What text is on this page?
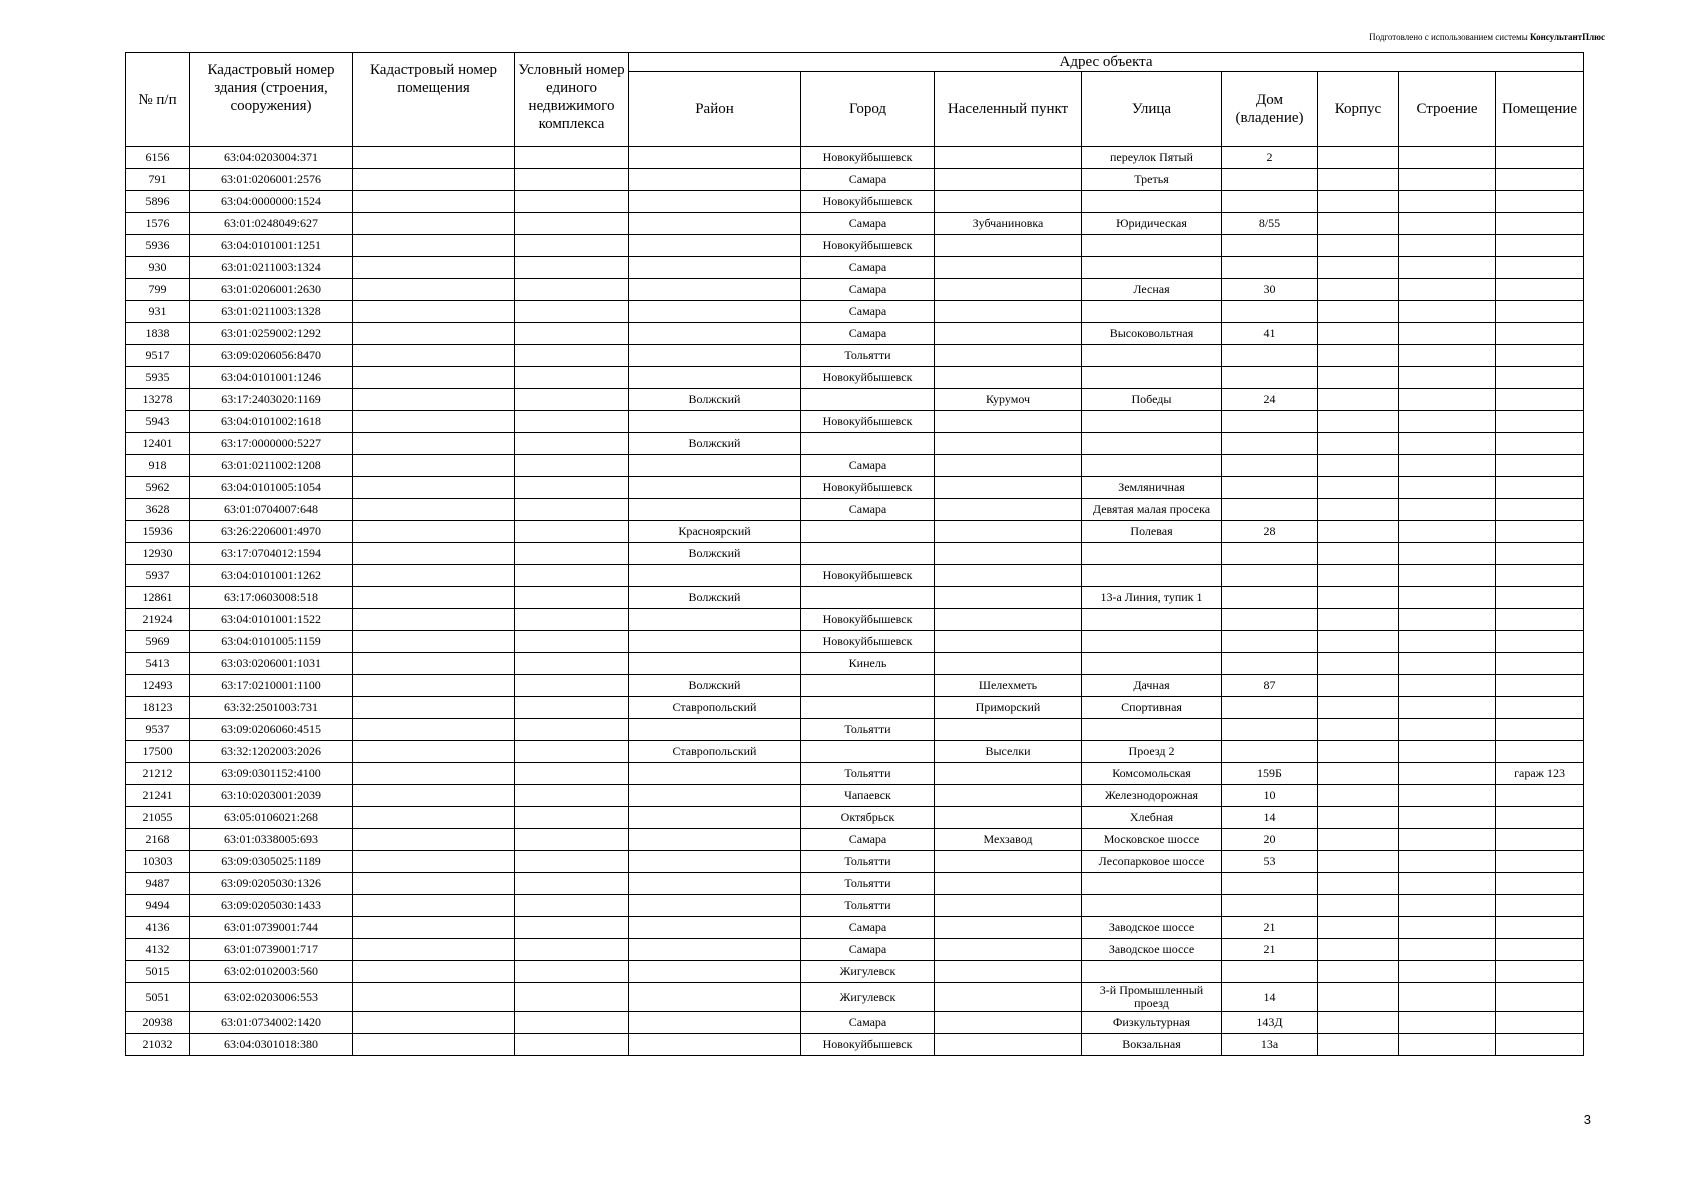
Подготовлено с использованием системы КонсультантПлюс
№ п/п	Кадастровый номер здания (строения, сооружения)	Кадастровый номер помещения	Условный номер единого недвижимого комплекса	Адрес объекта							
				Район	Город	Населенный пункт	Улица	Дом (владение)	Корпус	Строение	Помещение
6156	63:04:0203004:371				Новокуйбышевск		переулок Пятый	2			
791	63:01:0206001:2576				Самара		Третья				
5896	63:04:0000000:1524				Новокуйбышевск						
1576	63:01:0248049:627				Самара	Зубчаниновка	Юридическая	8/55			
5936	63:04:0101001:1251				Новокуйбышевск						
930	63:01:0211003:1324				Самара						
799	63:01:0206001:2630				Самара		Лесная	30			
931	63:01:0211003:1328				Самара						
1838	63:01:0259002:1292				Самара		Высоковольтная	41			
9517	63:09:0206056:8470				Тольятти						
5935	63:04:0101001:1246				Новокуйбышевск						
13278	63:17:2403020:1169			Волжский		Курумоч	Победы	24			
5943	63:04:0101002:1618				Новокуйбышевск						
12401	63:17:0000000:5227			Волжский							
918	63:01:0211002:1208				Самара						
5962	63:04:0101005:1054				Новокуйбышевск		Земляничная				
3628	63:01:0704007:648				Самара		Девятая малая просека				
15936	63:26:2206001:4970			Красноярский			Полевая	28			
12930	63:17:0704012:1594			Волжский							
5937	63:04:0101001:1262				Новокуйбышевск						
12861	63:17:0603008:518			Волжский			13-а Линия, тупик 1				
21924	63:04:0101001:1522				Новокуйбышевск						
5969	63:04:0101005:1159				Новокуйбышевск						
5413	63:03:0206001:1031				Кинель						
12493	63:17:0210001:1100			Волжский		Шелехметь	Дачная	87			
18123	63:32:2501003:731			Ставропольский		Приморский	Спортивная				
9537	63:09:0206060:4515				Тольятти						
17500	63:32:1202003:2026			Ставропольский		Выселки	Проезд 2				
21212	63:09:0301152:4100				Тольятти		Комсомольская	159Б			гараж 123
21241	63:10:0203001:2039				Чапаевск		Железнодорожная	10			
21055	63:05:0106021:268				Октябрьск		Хлебная	14			
2168	63:01:0338005:693				Самара	Мехзавод	Московское шоссе	20			
10303	63:09:0305025:1189				Тольятти		Лесопарковое шоссе	53			
9487	63:09:0205030:1326				Тольятти						
9494	63:09:0205030:1433				Тольятти						
4136	63:01:0739001:744				Самара		Заводское шоссе	21			
4132	63:01:0739001:717				Самара		Заводское шоссе	21			
5015	63:02:0102003:560				Жигулевск						
5051	63:02:0203006:553				Жигулевск		3-й Промышленный проезд	14			
20938	63:01:0734002:1420				Самара		Физкультурная	143Д			
21032	63:04:0301018:380				Новокуйбышевск		Вокзальная	13а			
3
